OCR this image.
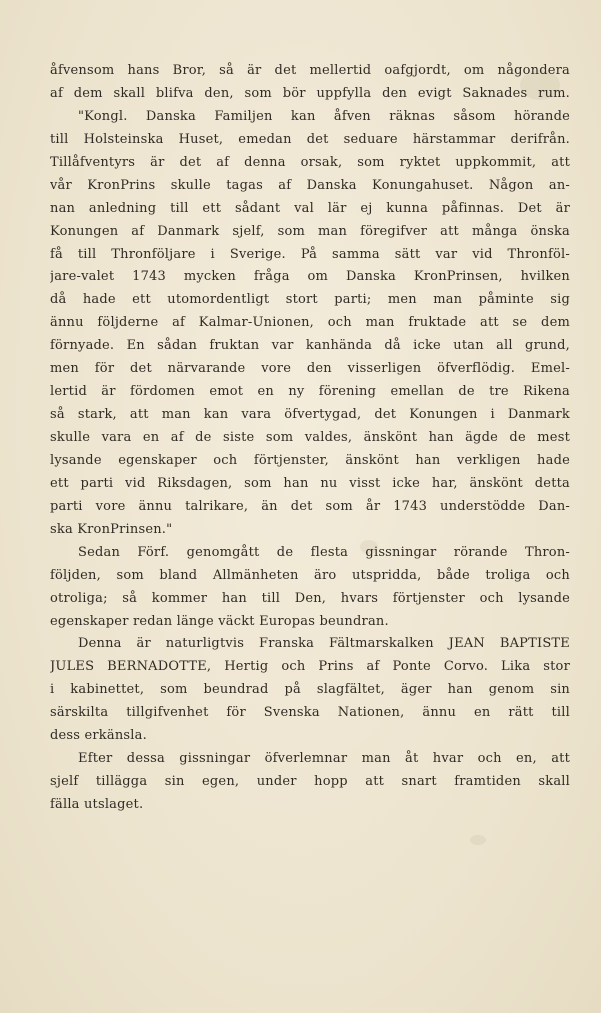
åfvensom hans Bror, så är det mellertid oafgjordt, om någondera
af dem skall blifva den, som bör uppfylla den evigt Saknades rum.
"Kongl. Danska Familjen kan åfven räknas såsom hörande
till Holsteinska Huset, emedan det seduare härstammar derifrån.
Tillåfventyrs är det af denna orsak, som ryktet uppkommit, att
vår KronPrins skulle tagas af Danska Konungahuset. Någon an-
nan anledning till ett sådant val lär ej kunna påfinnas. Det är
Konungen af Danmark sjelf, som man föregifver att många önska
få till Thronföljare i Sverige. På samma sätt var vid Thronföl-
jare-valet 1743 mycken fråga om Danska KronPrinsen, hvilken
då hade ett utomordentligt stort parti; men man påminte sig
ännu följderne af Kalmar-Unionen, och man fruktade att se dem
förnyade. En sådan fruktan var kanhända då icke utan all grund,
men för det närvarande vore den visserligen öfverflödig. Emel-
lertid är fördomen emot en ny förening emellan de tre Rikena
så stark, att man kan vara öfvertygad, det Konungen i Danmark
skulle vara en af de siste som valdes, änskönt han ägde de mest
lysande egenskaper och förtjenster, änskönt han verkligen hade
ett parti vid Riksdagen, som han nu visst icke har, änskönt detta
parti vore ännu talrikare, än det som år 1743 understödde Dan-
ska KronPrinsen."
Sedan Förf. genomgått de flesta gissningar rörande Thron-
följden, som bland Allmänheten äro utspridda, både troliga och
otroliga; så kommer han till Den, hvars förtjenster och lysande
egenskaper redan länge väckt Europas beundran.
Denna är naturligtvis Franska Fältmarskalken JEAN BAPTISTE
JULES BERNADOTTE, Hertig och Prins af Ponte Corvo. Lika stor
i kabinettet, som beundrad på slagfältet, äger han genom sin
särskilta tillgifvenhet för Svenska Nationen, ännu en rätt till
dess erkänsla.
Efter dessa gissningar öfverlemnar man åt hvar och en, att
sjelf tillägga sin egen, under hopp att snart framtiden skall
fälla utslaget.
